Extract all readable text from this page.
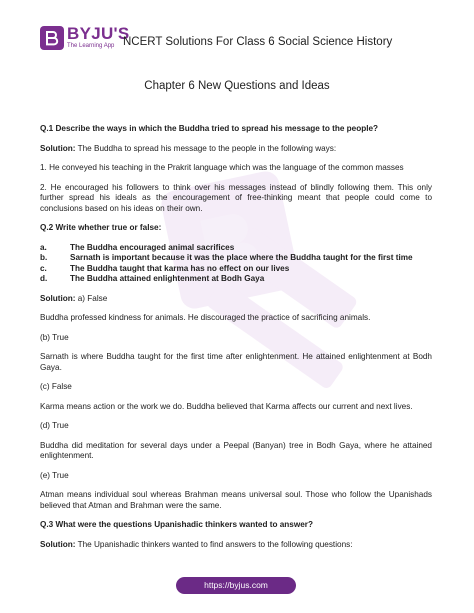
BYJU'S
The Learning App NCERT Solutions For Class 6 Social Science History
Chapter 6 New Questions and Ideas
Q.1 Describe the ways in which the Buddha tried to spread his message to the people?
Solution: The Buddha to spread his message to the people in the following ways:
1. He conveyed his teaching in the Prakrit language which was the language of the common masses
2. He encouraged his followers to think over his messages instead of blindly following them. This only further spread his ideals as the encouragement of free-thinking meant that people could come to conclusions based on his ideas on their own.
Q.2 Write whether true or false:
a.	The Buddha encouraged animal sacrifices
b.	Sarnath is important because it was the place where the Buddha taught for the first time
c.	The Buddha taught that karma has no effect on our lives
d.	The Buddha attained enlightenment at Bodh Gaya
Solution: a) False
Buddha professed kindness for animals. He discouraged the practice of sacrificing animals.
(b) True
Sarnath is where Buddha taught for the first time after enlightenment. He attained enlightenment at Bodh Gaya.
(c) False
Karma means action or the work we do. Buddha believed that Karma affects our current and next lives.
(d) True
Buddha did meditation for several days under a Peepal (Banyan) tree in Bodh Gaya, where he attained enlightenment.
(e) True
Atman means individual soul whereas Brahman means universal soul. Those who follow the Upanishads believed that Atman and Brahman were the same.
Q.3 What were the questions Upanishadic thinkers wanted to answer?
Solution: The Upanishadic thinkers wanted to find answers to the following questions:
https://byjus.com
